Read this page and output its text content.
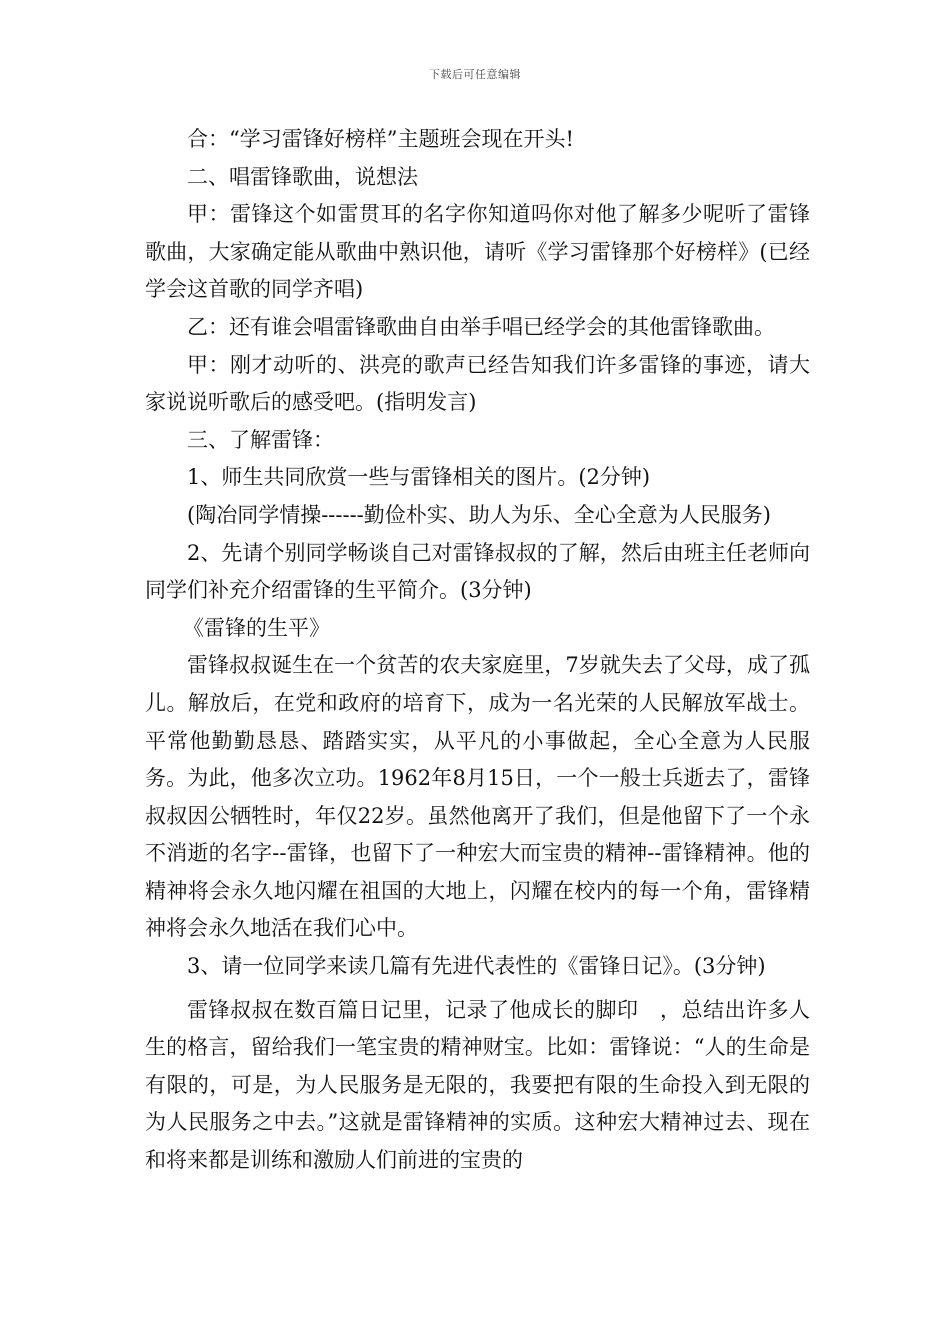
下载后可任意编辑

合：“学习雷锋好榜样”主题班会现在开头!

二、唱雷锋歌曲，说想法

甲：雷锋这个如雷贯耳的名字你知道吗你对他了解多少呢听了雷锋歌曲，大家确定能从歌曲中熟识他，请听《学习雷锋那个好榜样》(已经学会这首歌的同学齐唱)

乙：还有谁会唱雷锋歌曲自由举手唱已经学会的其他雷锋歌曲。

甲：刚才动听的、洪亮的歌声已经告知我们许多雷锋的事迹，请大家说说听歌后的感受吧。(指明发言)

三、了解雷锋：

1、师生共同欣赏一些与雷锋相关的图片。(2分钟)

(陶冶同学情操------勤俭朴实、助人为乐、全心全意为人民服务)

2、先请个别同学畅谈自己对雷锋叔叔的了解，然后由班主任老师向同学们补充介绍雷锋的生平简介。(3分钟)

《雷锋的生平》

雷锋叔叔诞生在一个贫苦的农夫家庭里，7岁就失去了父母，成了孤儿。解放后，在党和政府的培育下，成为一名光荣的人民解放军战士。平常他勤勤恳恳、踏踏实实，从平凡的小事做起，全心全意为人民服务。为此，他多次立功。1962年8月15日，一个一般士兵逝去了，雷锋叔叔因公牺牲时，年仅22岁。虽然他离开了我们，但是他留下了一个永不消逝的名字--雷锋，也留下了一种宏大而宝贵的精神--雷锋精神。他的精神将会永久地闪耀在祖国的大地上，闪耀在校内的每一个角，雷锋精神将会永久地活在我们心中。

3、请一位同学来读几篇有先进代表性的《雷锋日记》。(3分钟)

雷锋叔叔在数百篇日记里，记录了他成长的脚印　，总结出许多人生的格言，留给我们一笔宝贵的精神财宝。比如：雷锋说：“人的生命是有限的，可是，为人民服务是无限的，我要把有限的生命投入到无限的为人民服务之中去。”这就是雷锋精神的实质。这种宏大精神过去、现在和将来都是训练和激励人们前进的宝贵的
